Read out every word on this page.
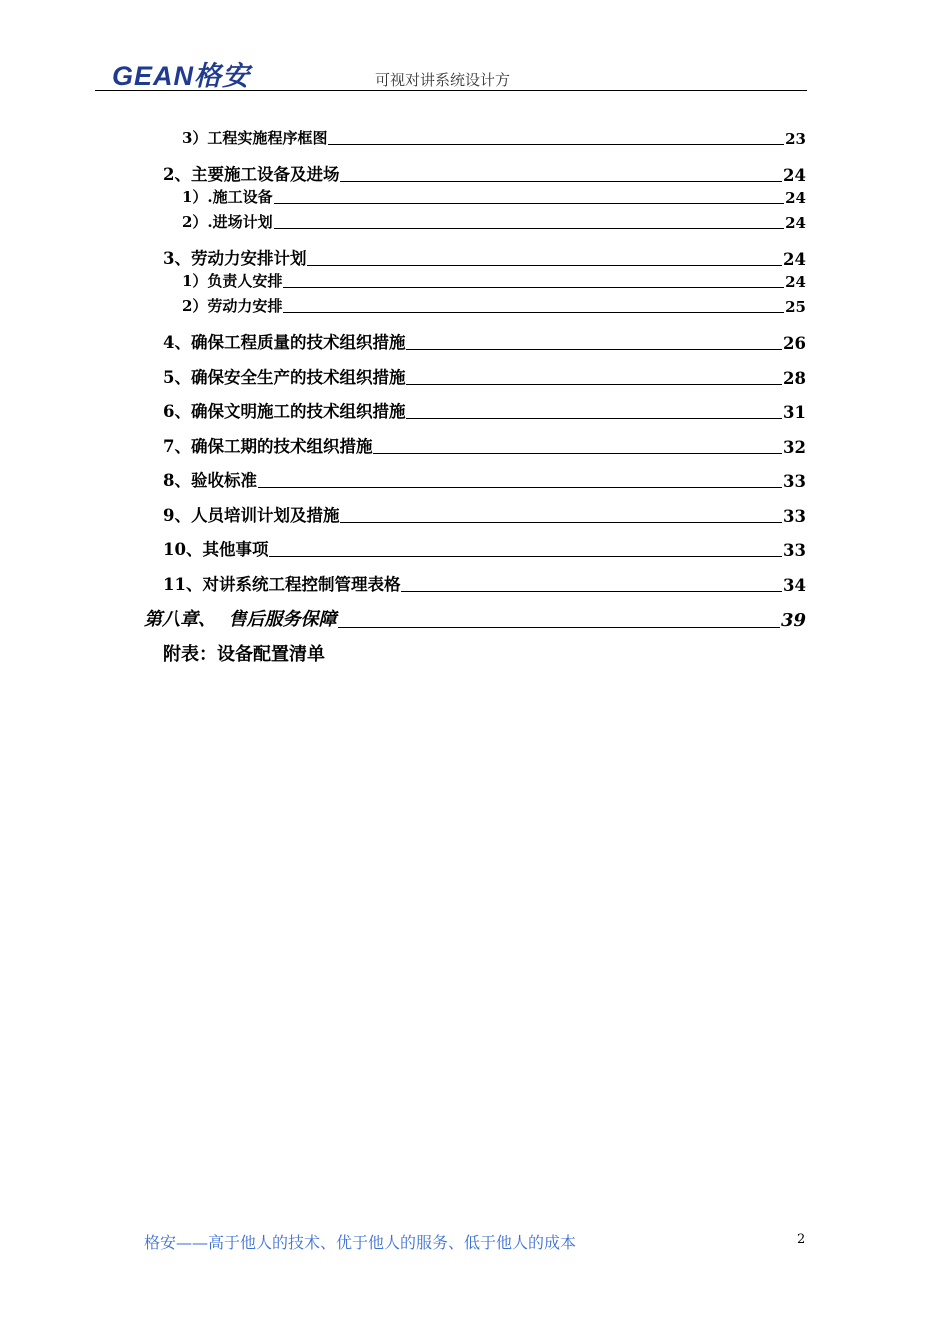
GEAN格安	可视对讲系统设计方
3）工程实施程序框图	23
2、主要施工设备及进场	24
1）.施工设备	24
2）.进场计划	24
3、劳动力安排计划	24
1）负责人安排	24
2）劳动力安排	25
4、确保工程质量的技术组织措施	26
5、确保安全生产的技术组织措施	28
6、确保文明施工的技术组织措施	31
7、确保工期的技术组织措施	32
8、验收标准	33
9、人员培训计划及措施	33
10、其他事项	33
11、对讲系统工程控制管理表格	34
第八章、  售后服务保障	39
附表：设备配置清单
格安——高于他人的技术、优于他人的服务、低于他人的成本	2
